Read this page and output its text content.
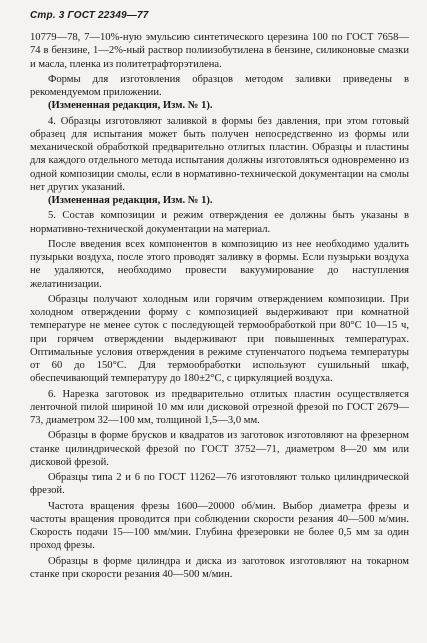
Стр. 3 ГОСТ 22349—77

10779—78, 7—10%-ную эмульсию синтетического церезина 100 по ГОСТ 7658—74 в бензине, 1—2%-ный раствор полиизобутилена в бензине, силиконовые смазки и масла, пленка из политетрафторэтилена.

Формы для изготовления образцов методом заливки приведены в рекомендуемом приложении.

(Измененная редакция, Изм. № 1).

4. Образцы изготовляют заливкой в формы без давления, при этом готовый образец для испытания может быть получен непосредственно из формы или механической обработкой предварительно отлитых пластин. Образцы и пластины для каждого отдельного метода испытания должны изготовляться одновременно из одной композиции смолы, если в нормативно-технической документации на смолы нет других указаний.

(Измененная редакция, Изм. № 1).

5. Состав композиции и режим отверждения ее должны быть указаны в нормативно-технической документации на материал.

После введения всех компонентов в композицию из нее необходимо удалить пузырьки воздуха, после этого проводят заливку в формы. Если пузырьки воздуха не удаляются, необходимо провести вакуумирование до наступления желатинизации.

Образцы получают холодным или горячим отверждением композиции. При холодном отверждении форму с композицией выдерживают при комнатной температуре не менее суток с последующей термообработкой при 80°С 10—15 ч, при горячем отверждении выдерживают при повышенных температурах. Оптимальные условия отверждения в режиме ступенчатого подъема температуры от 60 до 150°С. Для термообработки используют сушильный шкаф, обеспечивающий температуру до 180±2°С, с циркуляцией воздуха.

6. Нарезка заготовок из предварительно отлитых пластин осуществляется ленточной пилой шириной 10 мм или дисковой отрезной фрезой по ГОСТ 2679—73, диаметром 32—100 мм, толщиной 1,5—3,0 мм.

Образцы в форме брусков и квадратов из заготовок изготовляют на фрезерном станке цилиндрической фрезой по ГОСТ 3752—71, диаметром 8—20 мм или дисковой фрезой.

Образцы типа 2 и 6 по ГОСТ 11262—76 изготовляют только цилиндрической фрезой.

Частота вращения фрезы 1600—20000 об/мин. Выбор диаметра фрезы и частоты вращения проводится при соблюдении скорости резания 40—500 м/мин. Скорость подачи 15—100 мм/мин. Глубина фрезеровки не более 0,5 мм за один проход фрезы.

Образцы в форме цилиндра и диска из заготовок изготовляют на токарном станке при скорости резания 40—500 м/мин.
